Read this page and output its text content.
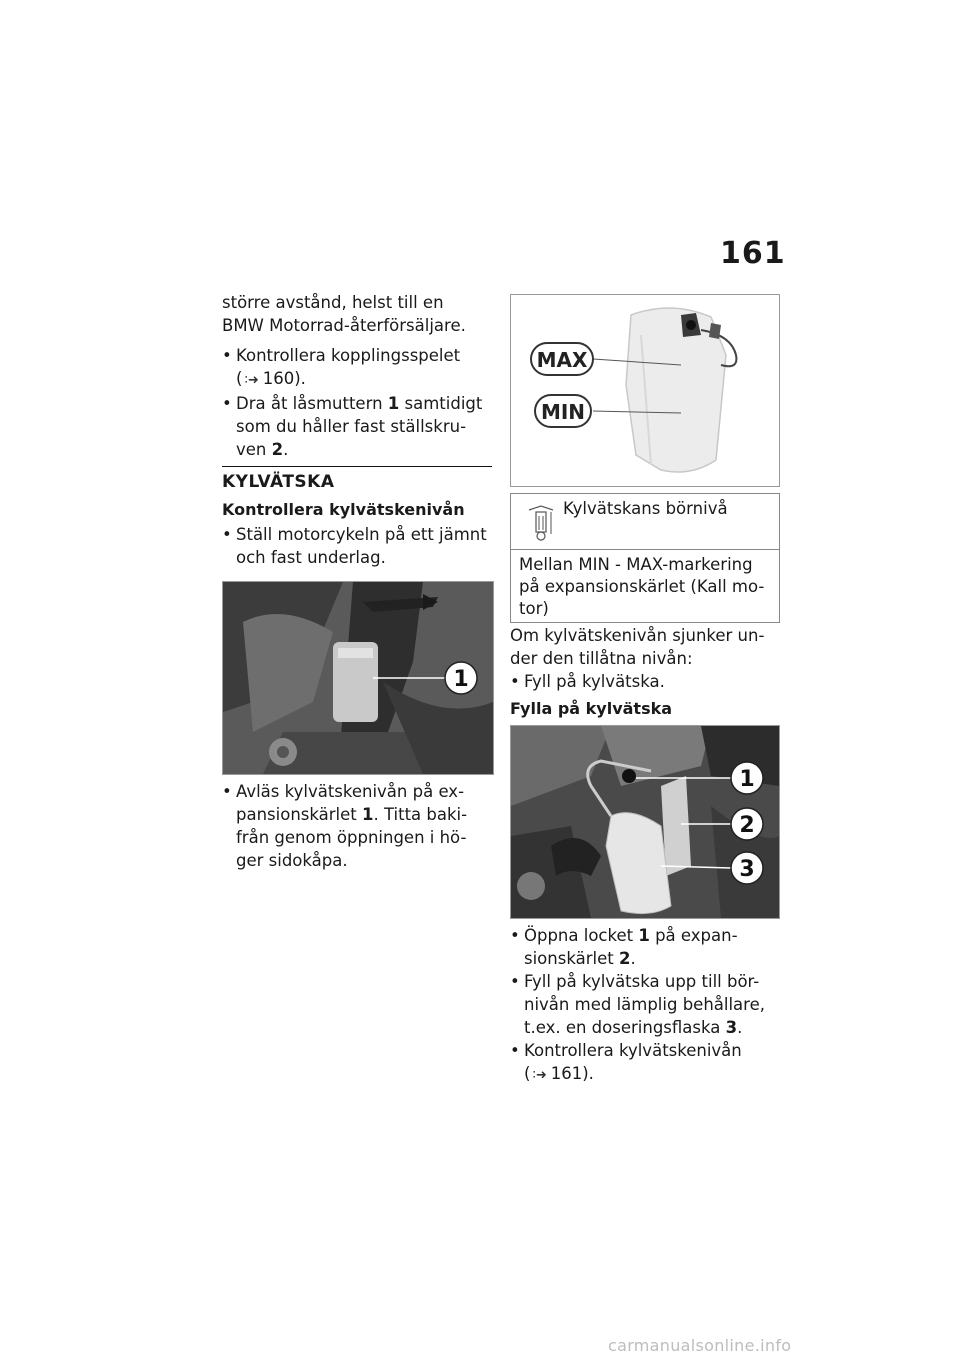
161

större avstånd, helst till en

BMW Motorrad-återförsäljare.

• Kontrollera kopplingsspelet
( ∶➜ 160).
• Dra åt låsmuttern 1 samtidigt
som du håller fast ställskru-
ven 2.
KYLVÄTSKA
Kontrollera kylvätskenivån
• Ställ motorcykeln på ett jämnt
och fast underlag.
1
• Avläs kylvätskenivån på ex-
pansionskärlet 1. Titta baki-
från genom öppningen i hö-
ger sidokåpa.
MAX
MIN
Kylvätskans börnivå
Mellan MIN - MAX-markering
på expansionskärlet (Kall mo-
tor)

Om kylvätskenivån sjunker un-

der den tillåtna nivån:

• Fyll på kylvätska.
Fylla på kylvätska
1
2
3
• Öppna locket 1 på expan-
sionskärlet 2.
• Fyll på kylvätska upp till bör-
nivån med lämplig behållare,
t.ex. en doseringsflaska 3.
• Kontrollera kylvätskenivån
( ∶➜ 161).
carmanualsonline.info
